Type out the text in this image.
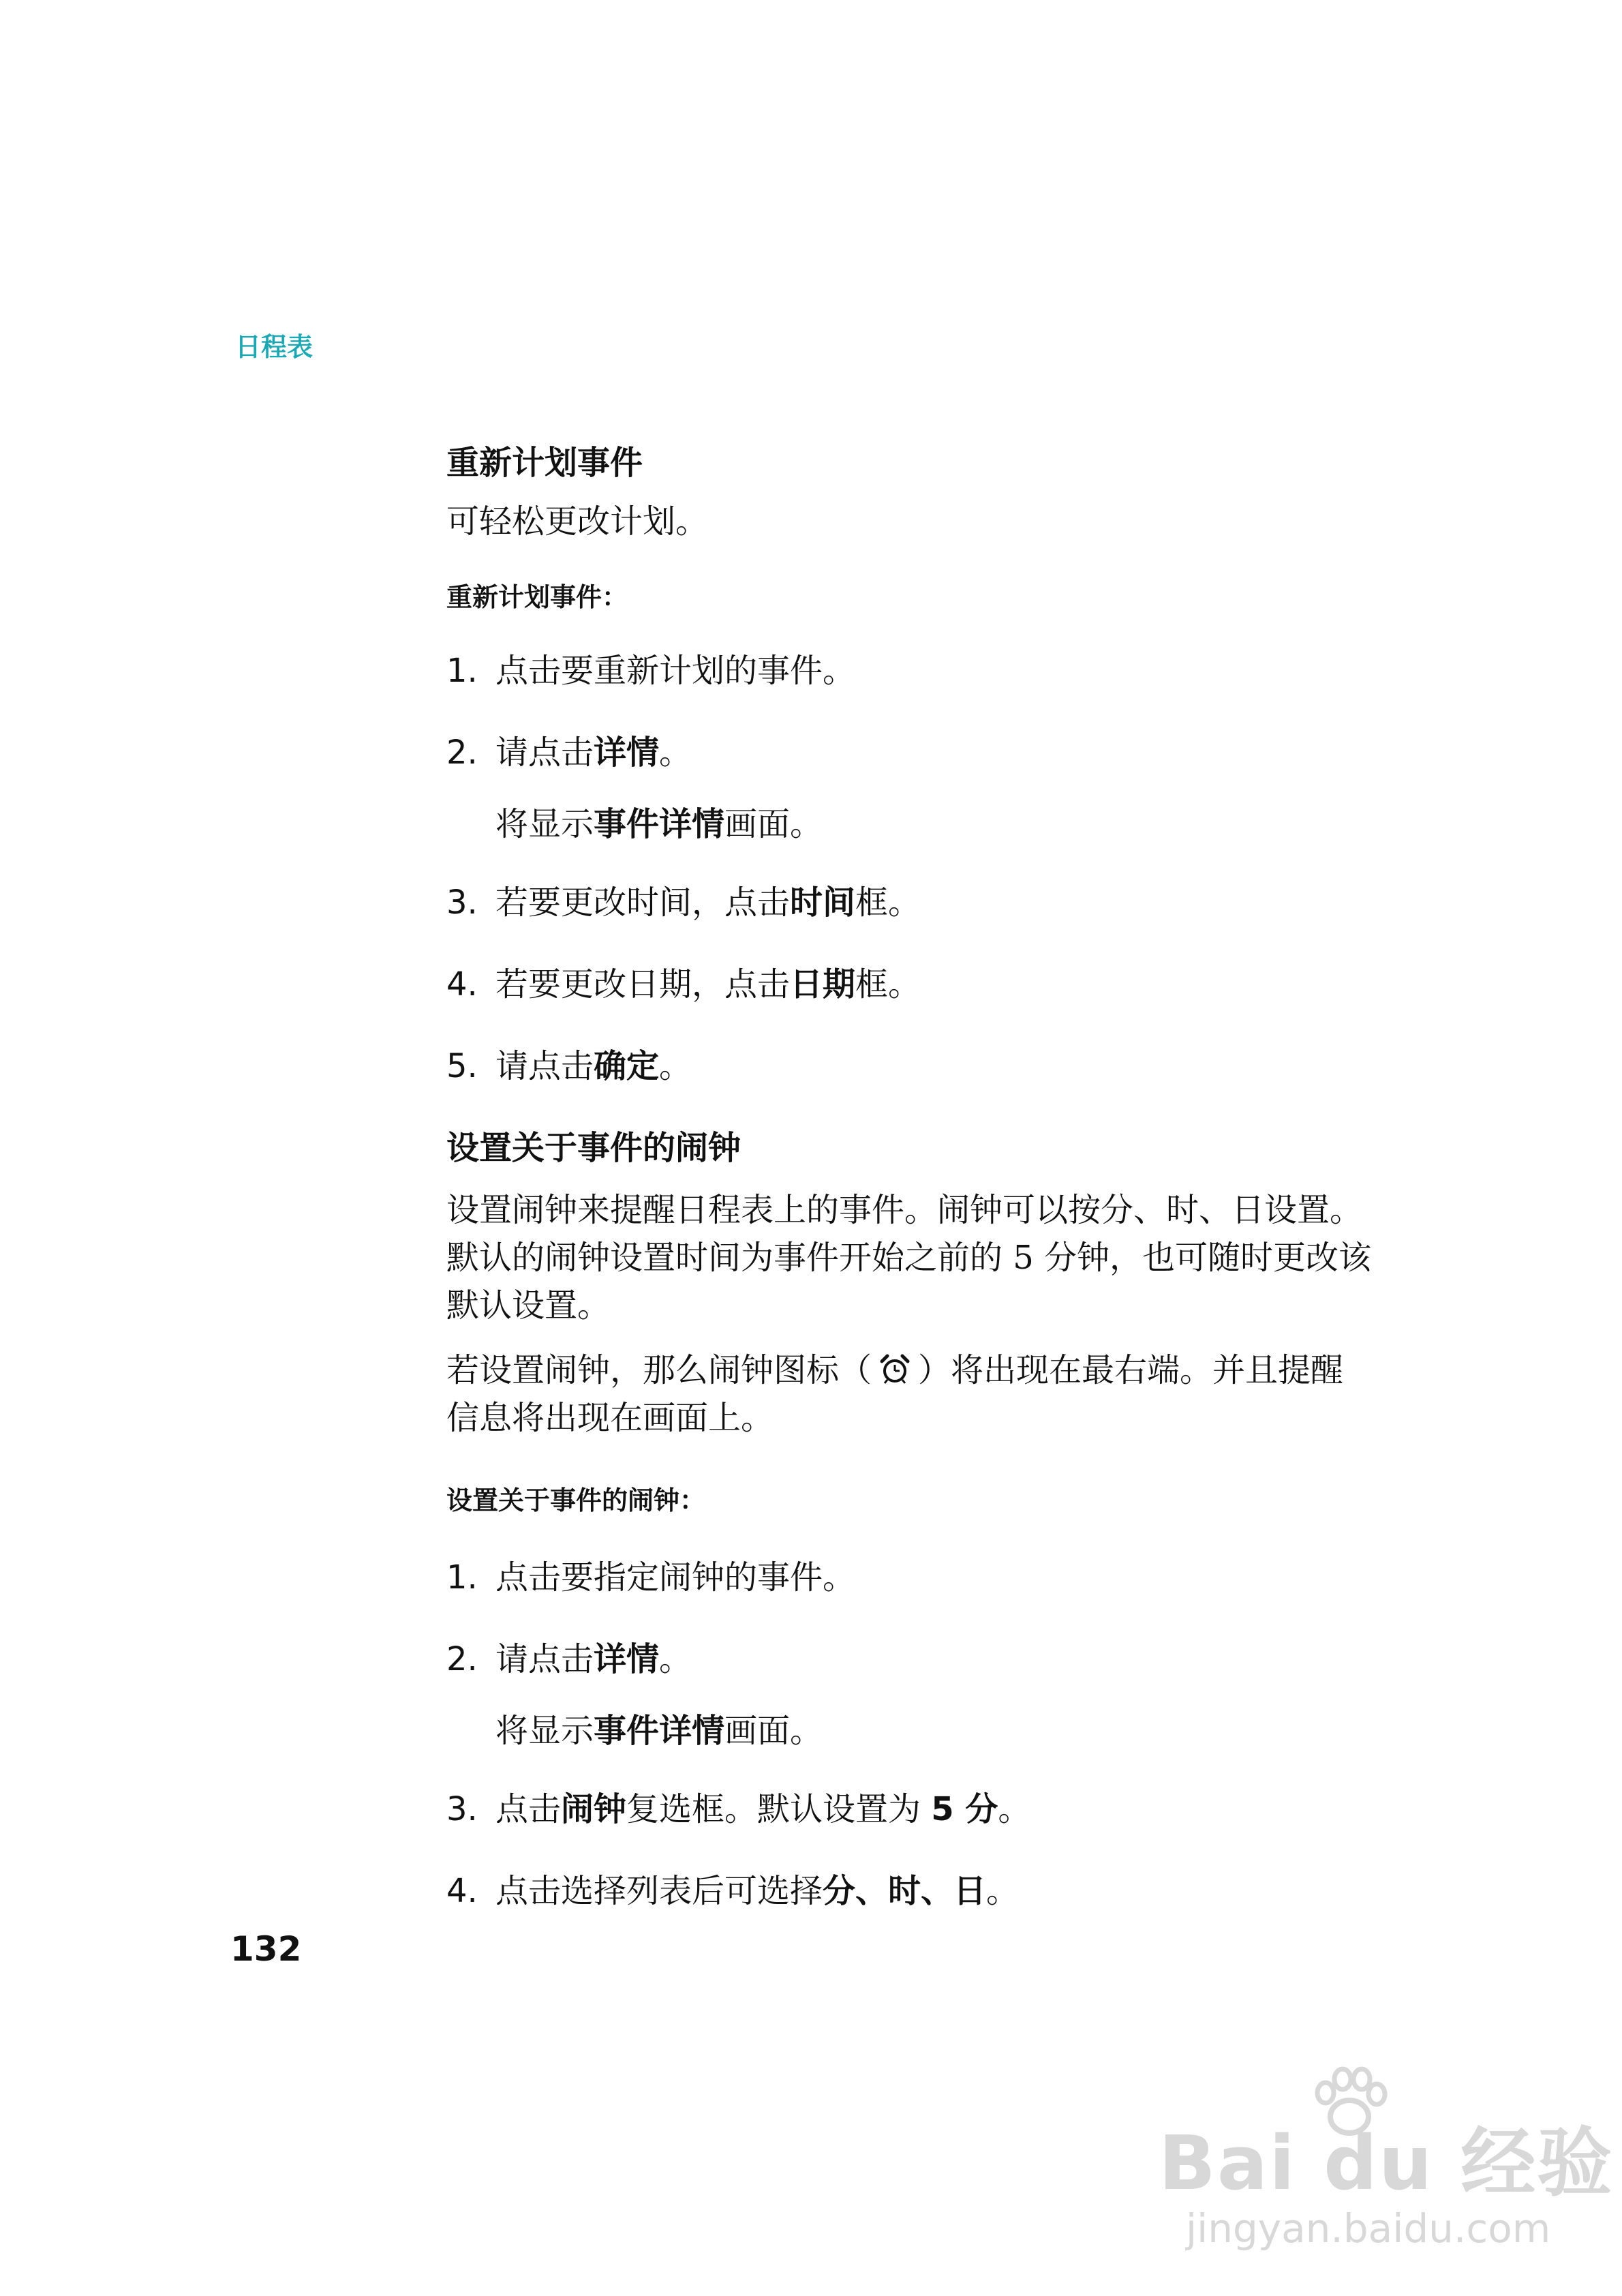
日程表
重新计划事件
可轻松更改计划。
重新计划事件：
1. 点击要重新计划的事件。
2. 请点击详情。
将显示事件详情画面。
3. 若要更改时间，点击时间框。
4. 若要更改日期，点击日期框。
5. 请点击确定。
设置关于事件的闹钟
设置闹钟来提醒日程表上的事件。闹钟可以按分、时、日设置。
默认的闹钟设置时间为事件开始之前的 5 分钟，也可随时更改该
默认设置。
若设置闹钟，那么闹钟图标（ ）将出现在最右端。并且提醒
信息将出现在画面上。
设置关于事件的闹钟：
1. 点击要指定闹钟的事件。
2. 请点击详情。
将显示事件详情画面。
3. 点击闹钟复选框。默认设置为 5 分。
4. 点击选择列表后可选择分、时、日。
132
Bai du 经验
jingyan.baidu.com
